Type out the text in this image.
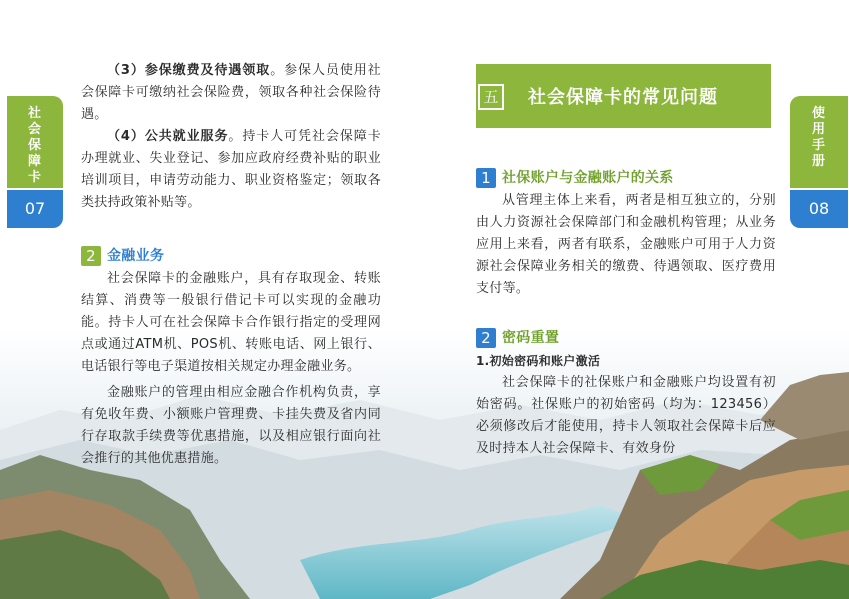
社
会
保
障
卡
07
使
用
手
册
08

（3）参保缴费及待遇领取。参保人员使用社会保障卡可缴纳社会保险费，领取各种社会保险待遇。

（4）公共就业服务。持卡人可凭社会保障卡办理就业、失业登记、参加应政府经费补贴的职业培训项目，申请劳动能力、职业资格鉴定；领取各类扶持政策补贴等。

2 金融业务

社会保障卡的金融账户，具有存取现金、转账结算、消费等一般银行借记卡可以实现的金融功能。持卡人可在社会保障卡合作银行指定的受理网点或通过ATM机、POS机、转账电话、网上银行、电话银行等电子渠道按相关规定办理金融业务。

金融账户的管理由相应金融合作机构负责，享有免收年费、小额账户管理费、卡挂失费及省内同行存取款手续费等优惠措施，以及相应银行面向社会推行的其他优惠措施。

五	社会保障卡的常见问题
1 社保账户与金融账户的关系

从管理主体上来看，两者是相互独立的，分别由人力资源社会保障部门和金融机构管理；从业务应用上来看，两者有联系，金融账户可用于人力资源社会保障业务相关的缴费、待遇领取、医疗费用支付等。

2 密码重置

1.初始密码和账户激活

社会保障卡的社保账户和金融账户均设置有初始密码。社保账户的初始密码（均为：123456）必须修改后才能使用，持卡人领取社会保障卡后应及时持本人社会保障卡、有效身份
